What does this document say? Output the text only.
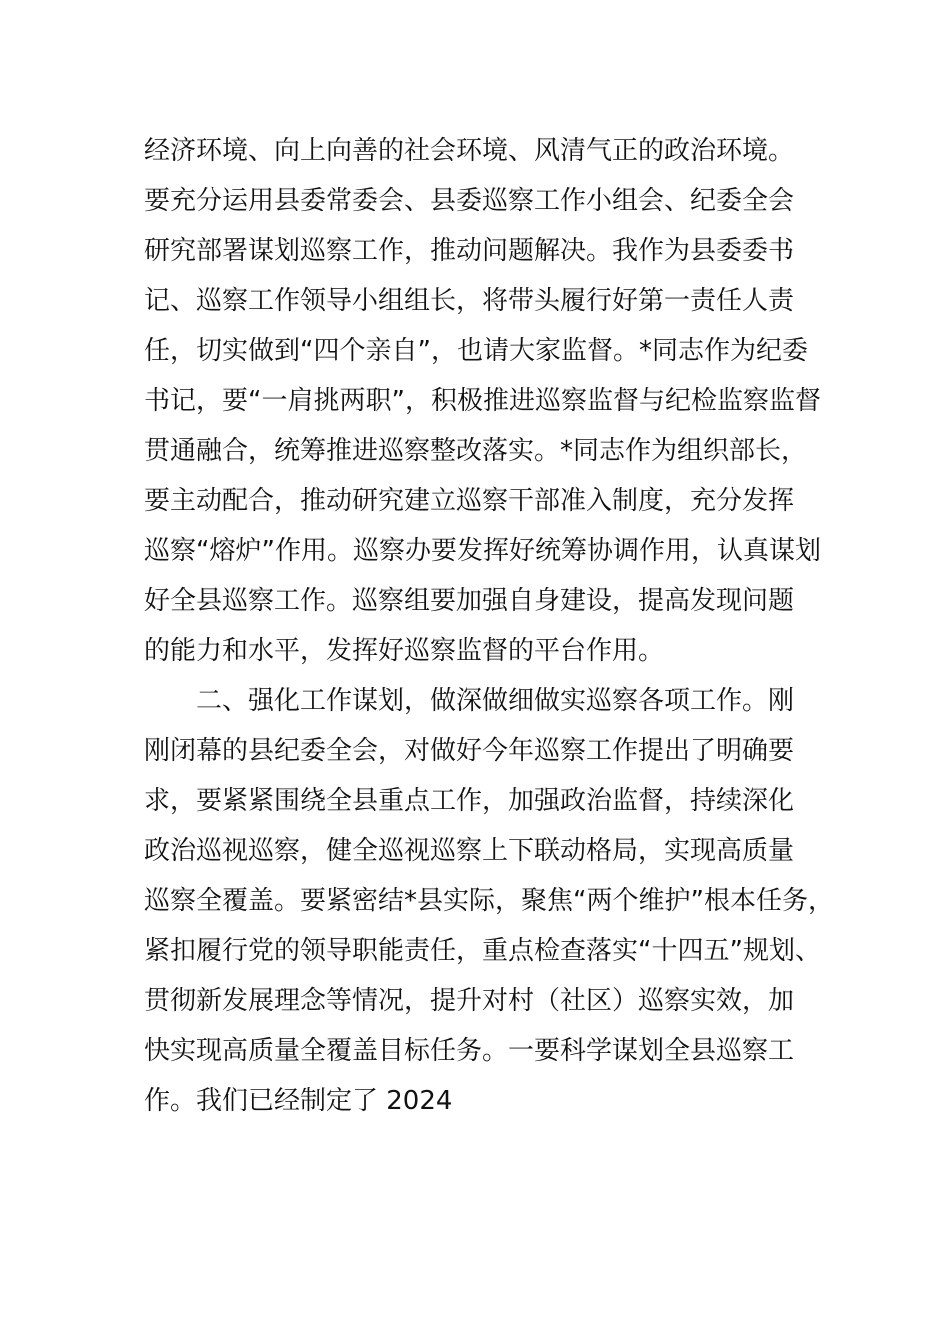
经济环境、向上向善的社会环境、风清气正的政治环境。
要充分运用县委常委会、县委巡察工作小组会、纪委全会
研究部署谋划巡察工作，推动问题解决。我作为县委委书
记、巡察工作领导小组组长，将带头履行好第一责任人责
任，切实做到“四个亲自”，也请大家监督。*同志作为纪委
书记，要“一肩挑两职”，积极推进巡察监督与纪检监察监督
贯通融合，统筹推进巡察整改落实。*同志作为组织部长，
要主动配合，推动研究建立巡察干部准入制度，充分发挥
巡察“熔炉”作用。巡察办要发挥好统筹协调作用，认真谋划
好全县巡察工作。巡察组要加强自身建设，提高发现问题
的能力和水平，发挥好巡察监督的平台作用。
二、强化工作谋划，做深做细做实巡察各项工作。刚
刚闭幕的县纪委全会，对做好今年巡察工作提出了明确要
求，要紧紧围绕全县重点工作，加强政治监督，持续深化
政治巡视巡察，健全巡视巡察上下联动格局，实现高质量
巡察全覆盖。要紧密结*县实际，聚焦“两个维护”根本任务，
紧扣履行党的领导职能责任，重点检查落实“十四五”规划、
贯彻新发展理念等情况，提升对村（社区）巡察实效，加
快实现高质量全覆盖目标任务。一要科学谋划全县巡察工
作。我们已经制定了 2024
